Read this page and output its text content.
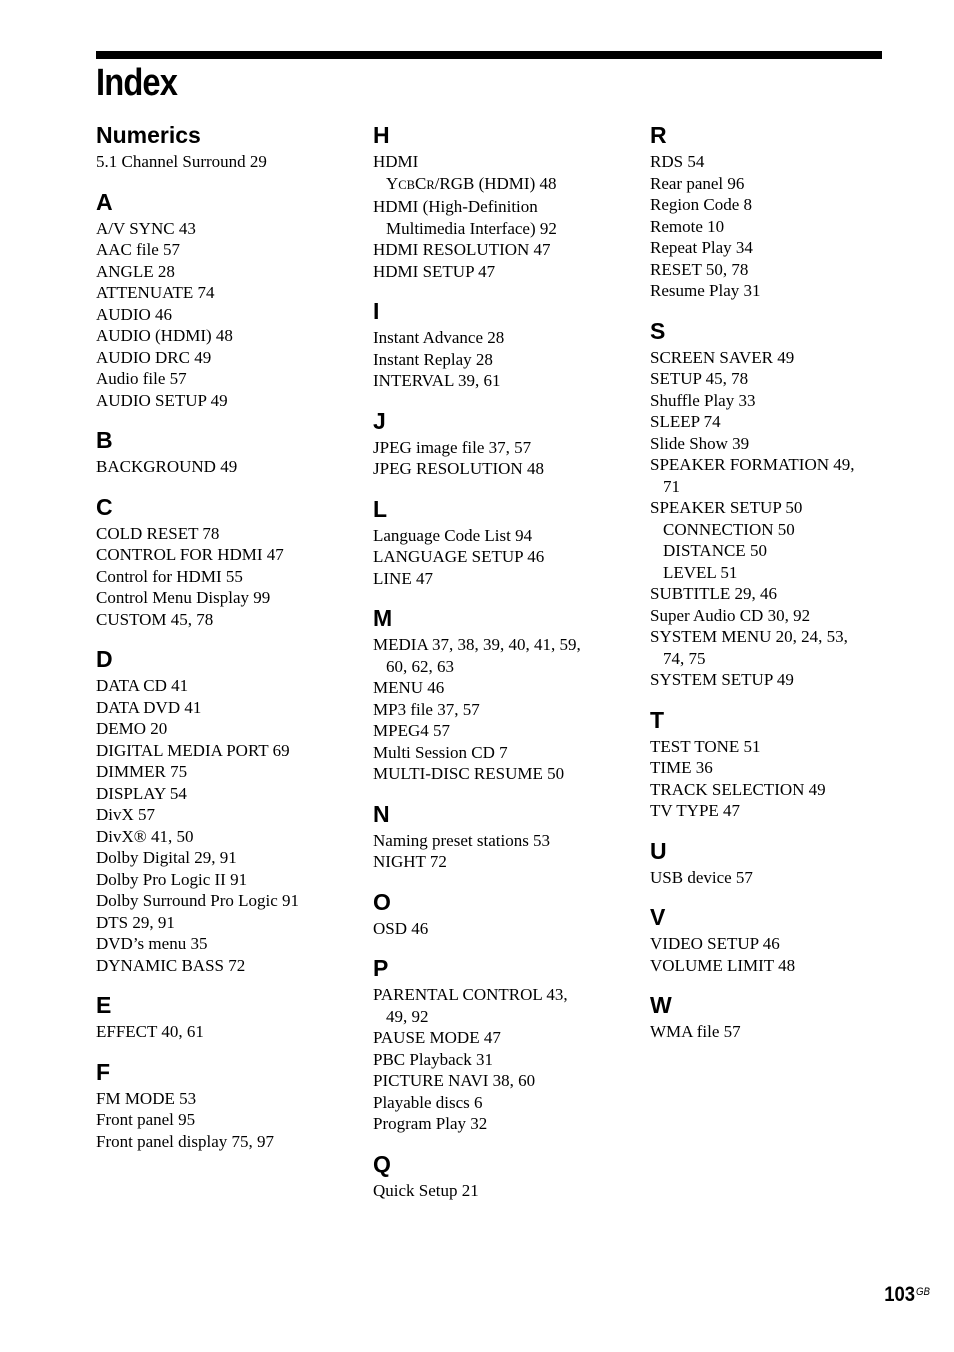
Index
Numerics
5.1 Channel Surround 29
A
A/V SYNC 43
AAC file 57
ANGLE 28
ATTENUATE 74
AUDIO 46
AUDIO (HDMI) 48
AUDIO DRC 49
Audio file 57
AUDIO SETUP 49
B
BACKGROUND 49
C
COLD RESET 78
CONTROL FOR HDMI 47
Control for HDMI 55
Control Menu Display 99
CUSTOM 45, 78
D
DATA CD 41
DATA DVD 41
DEMO 20
DIGITAL MEDIA PORT 69
DIMMER 75
DISPLAY 54
DivX 57
DivX® 41, 50
Dolby Digital 29, 91
Dolby Pro Logic II 91
Dolby Surround Pro Logic 91
DTS 29, 91
DVD’s menu 35
DYNAMIC BASS 72
E
EFFECT 40, 61
F
FM MODE 53
Front panel 95
Front panel display 75, 97
H
HDMI
YCBCR/RGB (HDMI) 48
HDMI (High-Definition
Multimedia Interface) 92
HDMI RESOLUTION 47
HDMI SETUP 47
I
Instant Advance 28
Instant Replay 28
INTERVAL 39, 61
J
JPEG image file 37, 57
JPEG RESOLUTION 48
L
Language Code List 94
LANGUAGE SETUP 46
LINE 47
M
MEDIA 37, 38, 39, 40, 41, 59,
60, 62, 63
MENU 46
MP3 file 37, 57
MPEG4 57
Multi Session CD 7
MULTI-DISC RESUME 50
N
Naming preset stations 53
NIGHT 72
O
OSD 46
P
PARENTAL CONTROL 43,
49, 92
PAUSE MODE 47
PBC Playback 31
PICTURE NAVI 38, 60
Playable discs 6
Program Play 32
Q
Quick Setup 21
R
RDS 54
Rear panel 96
Region Code 8
Remote 10
Repeat Play 34
RESET 50, 78
Resume Play 31
S
SCREEN SAVER 49
SETUP 45, 78
Shuffle Play 33
SLEEP 74
Slide Show 39
SPEAKER FORMATION 49,
71
SPEAKER SETUP 50
CONNECTION 50
DISTANCE 50
LEVEL 51
SUBTITLE 29, 46
Super Audio CD 30, 92
SYSTEM MENU 20, 24, 53,
74, 75
SYSTEM SETUP 49
T
TEST TONE 51
TIME 36
TRACK SELECTION 49
TV TYPE 47
U
USB device 57
V
VIDEO SETUP 46
VOLUME LIMIT 48
W
WMA file 57
$103^{GB}$
